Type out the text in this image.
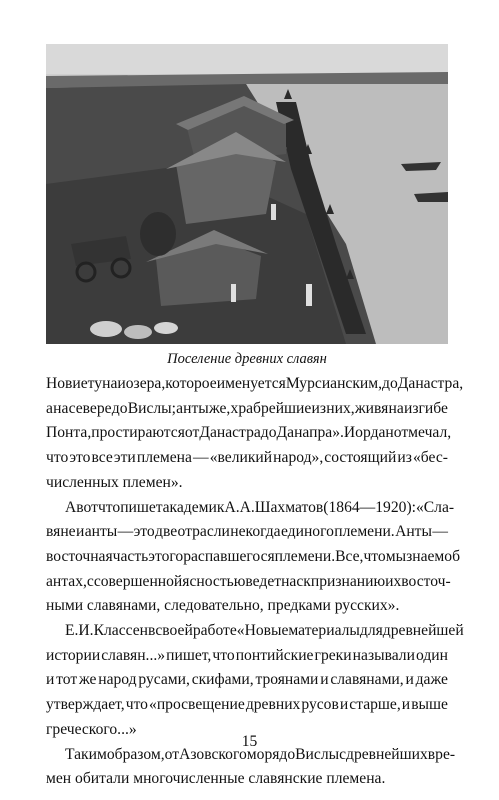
Поселение древних славян
Новиетуна и озера, которое именуется Мурсианским, до Данастра,
а на севере до Вислы; анты же, храбрейшие из них, живя на изгибе
Понта, простираются от Данастра до Данапра». Иордан отмечал,
что это все эти племена — «великий народ», состоящий из «бес-
численных племен».
А вот что пишет академик А.А. Шахматов (1864—1920): «Сла-
вяне и анты — это две отрасли некогда единого племени. Анты —
восточная часть этого распавшегося племени. Все, что мы знаем об
антах, с совершенной ясностью ведет нас к признанию их восточ-
ными славянами, следовательно, предками русских».
Е.И. Классен в своей работе «Новые материалы для древнейшей
истории славян...» пишет, что понтийские греки называли один
и тот же народ русами, скифами, троянами и славянами, и даже
утверждает, что «просвещение древних русов и старше, и выше
греческого...»
Таким образом, от Азовского моря до Вислы с древнейших вре-
мен обитали многочисленные славянские племена.
15
